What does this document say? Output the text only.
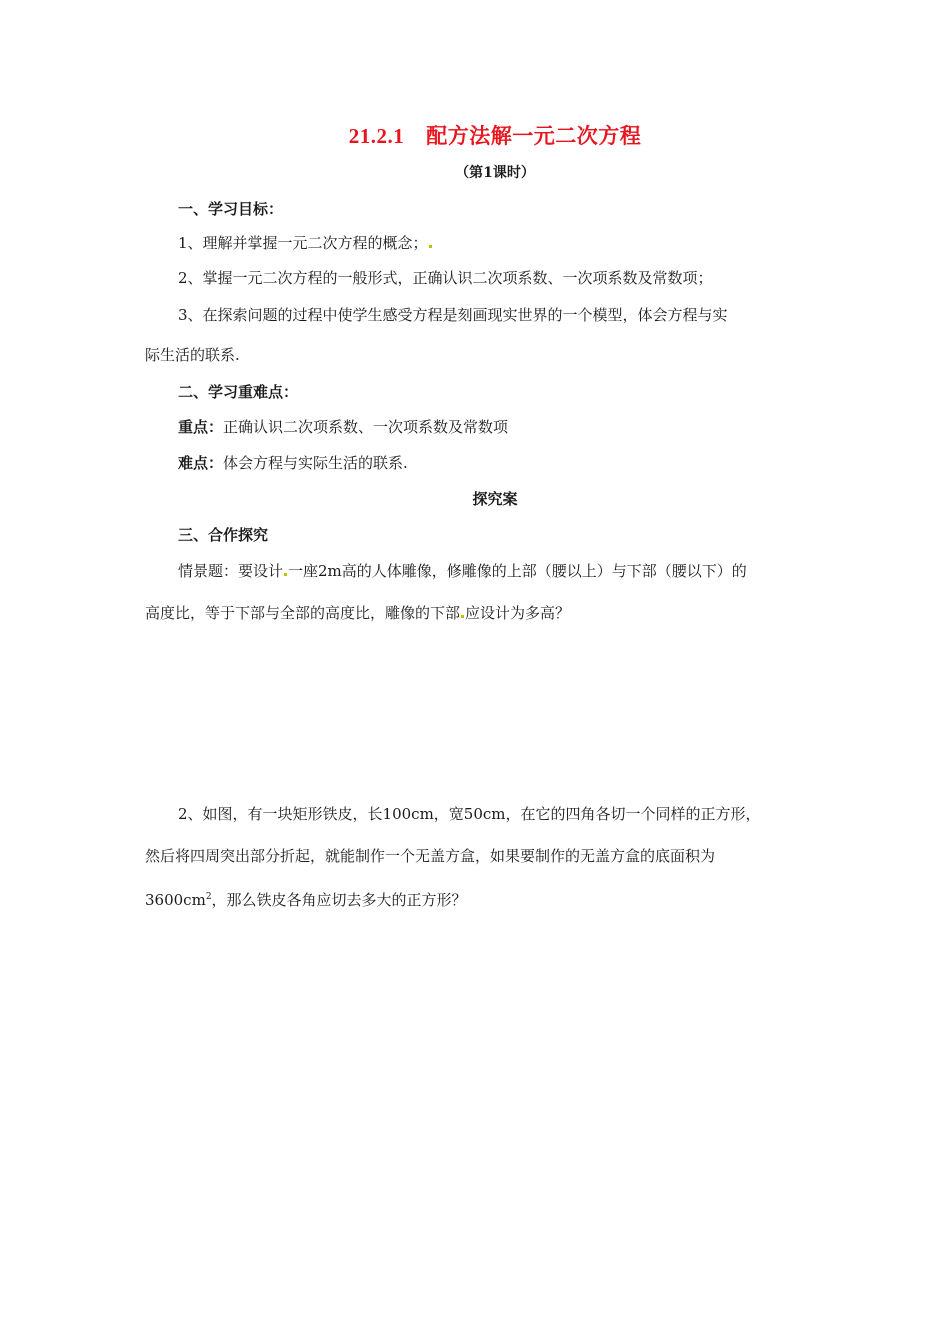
21.2.1 配方法解一元二次方程
（第1课时）
一、学习目标：
1、理解并掌握一元二次方程的概念；
2、掌握一元二次方程的一般形式，正确认识二次项系数、一次项系数及常数项；
3、在探索问题的过程中使学生感受方程是刻画现实世界的一个模型，体会方程与实
际生活的联系.
二、学习重难点：
重点：正确认识二次项系数、一次项系数及常数项
难点：体会方程与实际生活的联系.
探究案
三、合作探究
情景题：要设计 一座2m高的人体雕像，修雕像的上部（腰以上）与下部（腰以下）的
高度比，等于下部与全部的高度比，雕像的下部 应设计为多高？
2、如图，有一块矩形铁皮，长100cm，宽50cm，在它的四角各切一个同样的正方形，
然后将四周突出部分折起，就能制作一个无盖方盒，如果要制作的无盖方盒的底面积为
$3600cm^2$，那么铁皮各角应切去多大的正方形？
